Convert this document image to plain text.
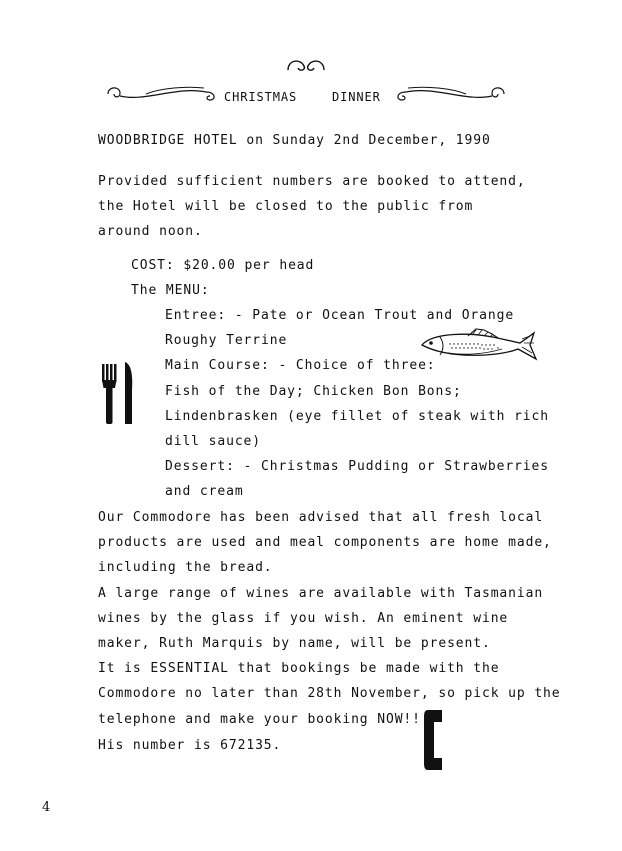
CHRISTMAS	DINNER
WOODBRIDGE HOTEL on Sunday 2nd December, 1990
Provided sufficient numbers are booked to attend,
the Hotel will be closed to the public from
around noon.
COST: $20.00 per head
The MENU:
Entree: - Pate or Ocean Trout and Orange
Roughy Terrine
Main Course: - Choice of three:
Fish of the Day; Chicken Bon Bons;
Lindenbrasken (eye fillet of steak with rich
dill sauce)
Dessert: - Christmas Pudding or Strawberries
and cream
Our Commodore has been advised that all fresh local
products are used and meal components are home made,
including the bread.
A large range of wines are available with Tasmanian
wines by the glass if you wish. An eminent wine
maker, Ruth Marquis by name, will be present.
It is ESSENTIAL that bookings be made with the
Commodore no later than 28th November, so pick up the
telephone and make your booking NOW!!
His number is 672135.
4
